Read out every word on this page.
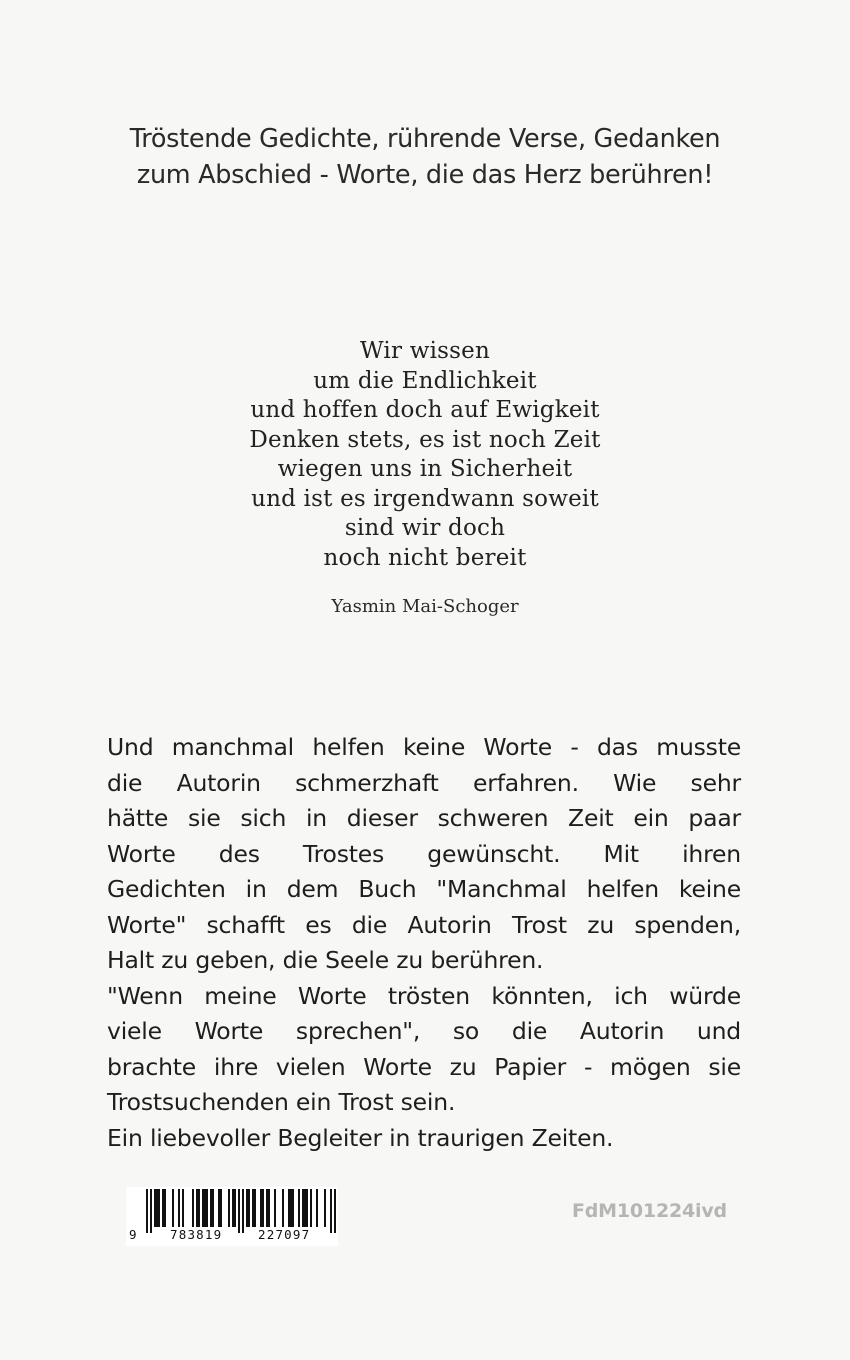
Tröstende Gedichte, rührende Verse, Gedanken
zum Abschied - Worte, die das Herz berühren!
Wir wissen
um die Endlichkeit
und hoffen doch auf Ewigkeit
Denken stets, es ist noch Zeit
wiegen uns in Sicherheit
und ist es irgendwann soweit
sind wir doch
noch nicht bereit
Yasmin Mai-Schoger
Und manchmal helfen keine Worte - das musste
die Autorin schmerzhaft erfahren. Wie sehr
hätte sie sich in dieser schweren Zeit ein paar
Worte des Trostes gewünscht. Mit ihren
Gedichten in dem Buch "Manchmal helfen keine
Worte" schafft es die Autorin Trost zu spenden,
Halt zu geben, die Seele zu berühren.
"Wenn meine Worte trösten könnten, ich würde
viele Worte sprechen", so die Autorin und
brachte ihre vielen Worte zu Papier - mögen sie
Trostsuchenden ein Trost sein.
Ein liebevoller Begleiter in traurigen Zeiten.
9	783819	227097
FdM101224ivd
